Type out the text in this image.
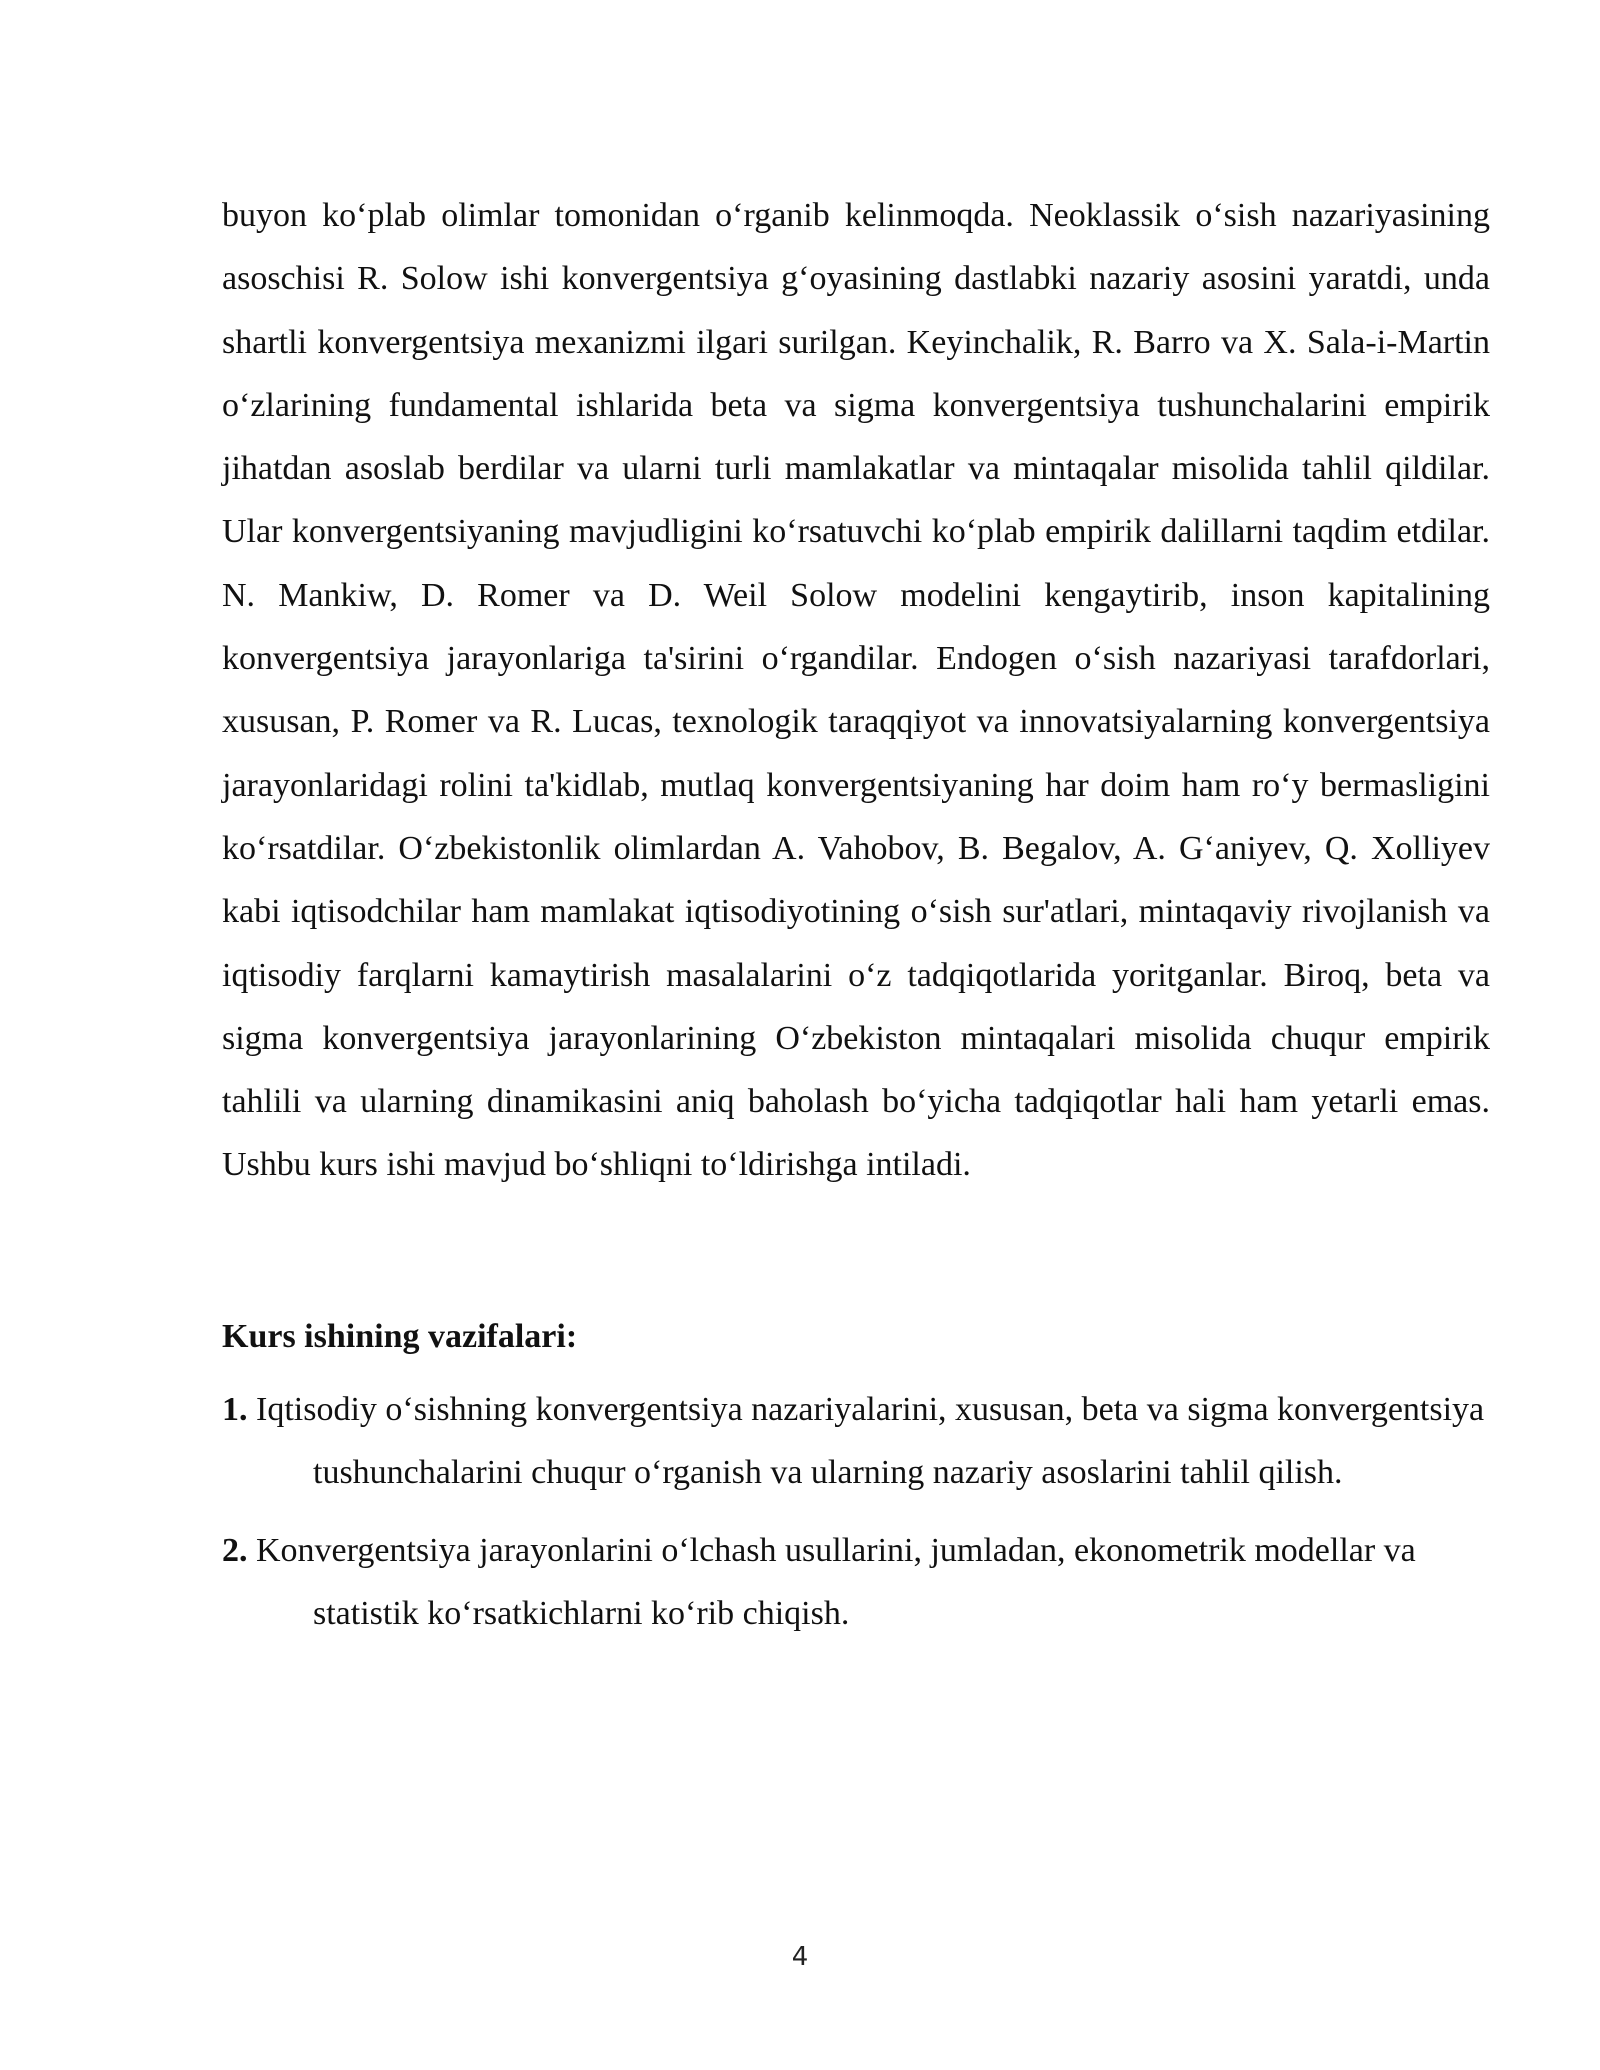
buyon ko‘plab olimlar tomonidan o‘rganib kelinmoqda. Neoklassik o‘sish nazariyasining asoschisi R. Solow ishi konvergentsiya g‘oyasining dastlabki nazariy asosini yaratdi, unda shartli konvergentsiya mexanizmi ilgari surilgan. Keyinchalik, R. Barro va X. Sala-i-Martin o‘zlarining fundamental ishlarida beta va sigma konvergentsiya tushunchalarini empirik jihatdan asoslab berdilar va ularni turli mamlakatlar va mintaqalar misolida tahlil qildilar. Ular konvergentsiyaning mavjudligini ko‘rsatuvchi ko‘plab empirik dalillarni taqdim etdilar. N. Mankiw, D. Romer va D. Weil Solow modelini kengaytirib, inson kapitalining konvergentsiya jarayonlariga ta'sirini o‘rgandilar. Endogen o‘sish nazariyasi tarafdorlari, xususan, P. Romer va R. Lucas, texnologik taraqqiyot va innovatsiyalarning konvergentsiya jarayonlaridagi rolini ta'kidlab, mutlaq konvergentsiyaning har doim ham ro‘y bermasligini ko‘rsatdilar. O‘zbekistonlik olimlardan A. Vahobov, B. Begalov, A. G‘aniyev, Q. Xolliyev kabi iqtisodchilar ham mamlakat iqtisodiyotining o‘sish sur'atlari, mintaqaviy rivojlanish va iqtisodiy farqlarni kamaytirish masalalarini o‘z tadqiqotlarida yoritganlar. Biroq, beta va sigma konvergentsiya jarayonlarining O‘zbekiston mintaqalari misolida chuqur empirik tahlili va ularning dinamikasini aniq baholash bo‘yicha tadqiqotlar hali ham yetarli emas. Ushbu kurs ishi mavjud bo‘shliqni to‘ldirishga intiladi.

Kurs ishining vazifalari:
1. Iqtisodiy o‘sishning konvergentsiya nazariyalarini, xususan, beta va sigma konvergentsiya tushunchalarini chuqur o‘rganish va ularning nazariy asoslarini tahlil qilish.
2. Konvergentsiya jarayonlarini o‘lchash usullarini, jumladan, ekonometrik modellar va statistik ko‘rsatkichlarni ko‘rib chiqish.
4
